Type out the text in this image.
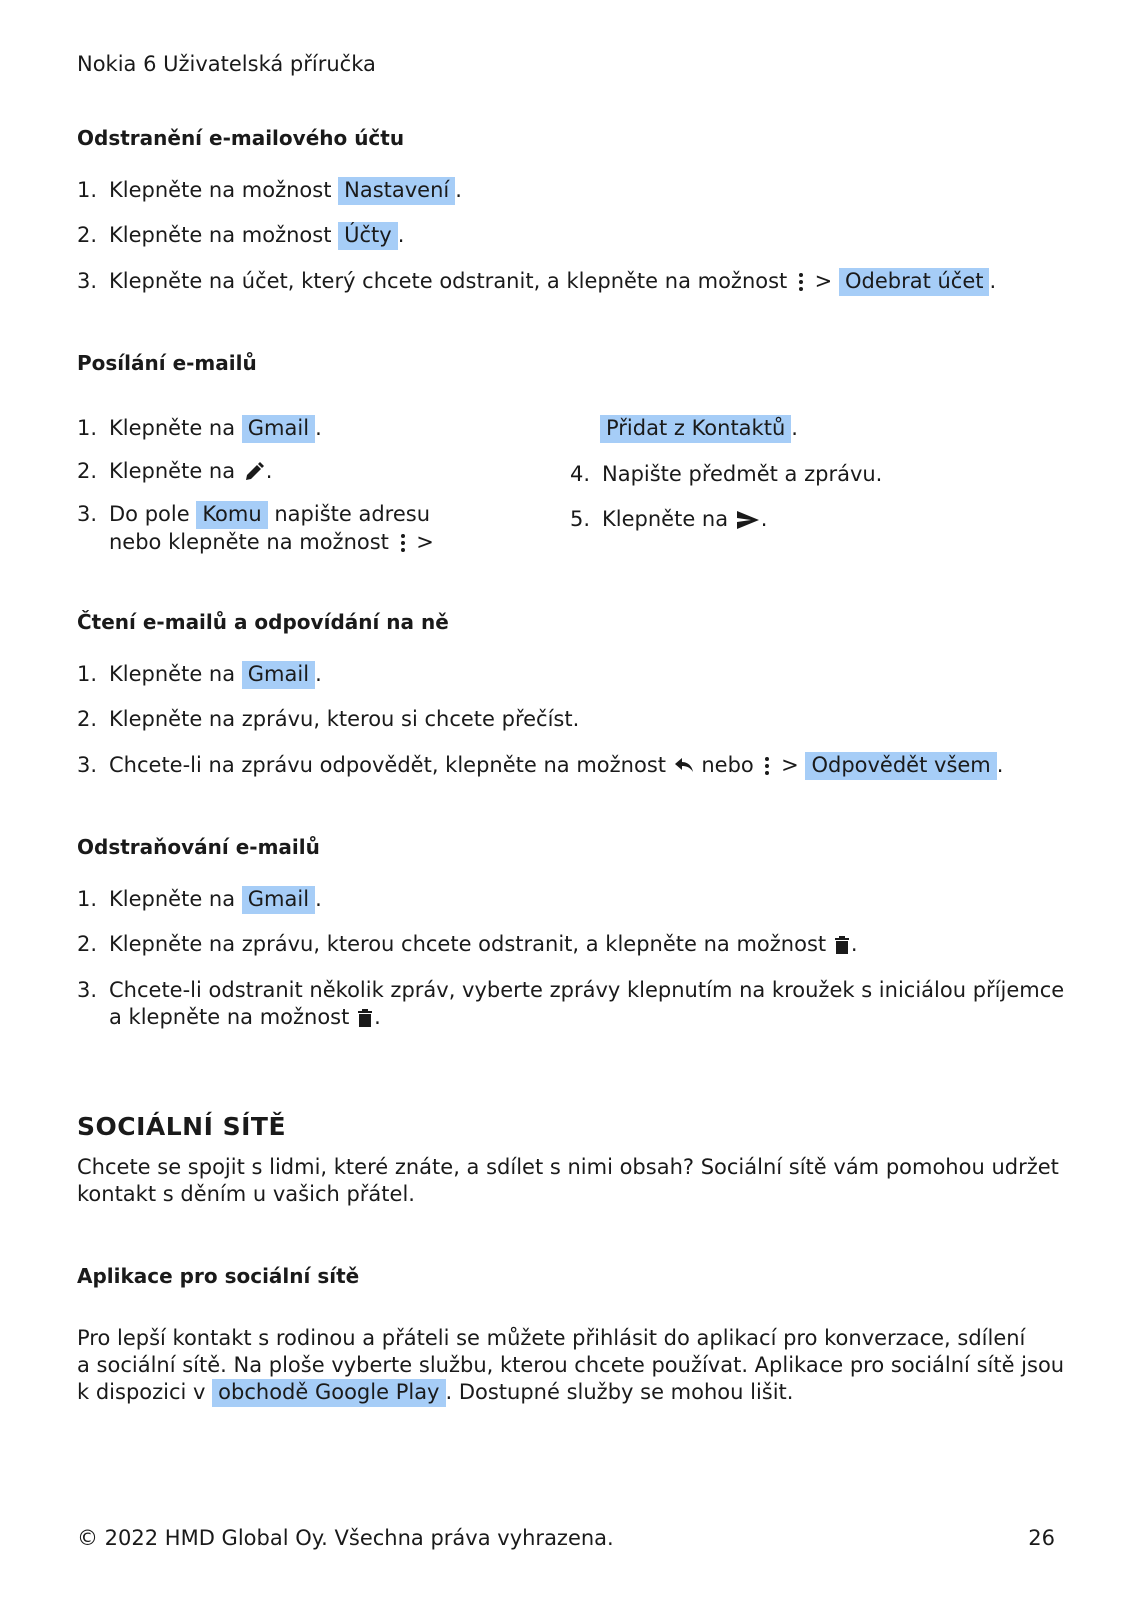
Nokia 6 Uživatelská příručka
Odstranění e-mailového účtu
1. Klepněte na možnost Nastavení .
2. Klepněte na možnost Účty .
3. Klepněte na účet, který chcete odstranit, a klepněte na možnost > Odebrat účet .
Posílání e-mailů
1. Klepněte na Gmail .
2. Klepněte na .
3. Do pole Komu napište adresu
nebo klepněte na možnost >
Přidat z Kontaktů .
4. Napište předmět a zprávu.
5. Klepněte na .
Čtení e-mailů a odpovídání na ně
1. Klepněte na Gmail .
2. Klepněte na zprávu, kterou si chcete přečíst.
3. Chcete-li na zprávu odpovědět, klepněte na možnost nebo > Odpovědět všem .
Odstraňování e-mailů
1. Klepněte na Gmail .
2. Klepněte na zprávu, kterou chcete odstranit, a klepněte na možnost .
3. Chcete-li odstranit několik zpráv, vyberte zprávy klepnutím na kroužek s iniciálou příjemce
a klepněte na možnost .
SOCIÁLNÍ SÍTĚ
Chcete se spojit s lidmi, které znáte, a sdílet s nimi obsah? Sociální sítě vám pomohou udržet
kontakt s děním u vašich přátel.
Aplikace pro sociální sítě
Pro lepší kontakt s rodinou a přáteli se můžete přihlásit do aplikací pro konverzace, sdílení
a sociální sítě. Na ploše vyberte službu, kterou chcete používat. Aplikace pro sociální sítě jsou
k dispozici v obchodě Google Play . Dostupné služby se mohou lišit.
© 2022 HMD Global Oy. Všechna práva vyhrazena.	26
